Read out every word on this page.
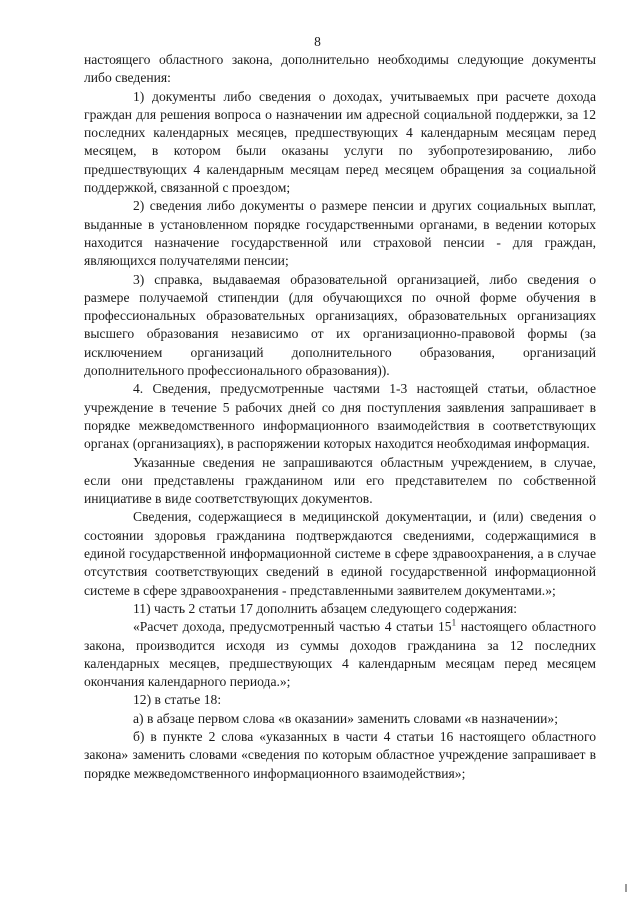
8

настоящего областного закона, дополнительно необходимы следующие документы либо сведения:

1) документы либо сведения о доходах, учитываемых при расчете дохода граждан для решения вопроса о назначении им адресной социальной поддержки, за 12 последних календарных месяцев, предшествующих 4 календарным месяцам перед месяцем, в котором были оказаны услуги по зубопротезированию, либо предшествующих 4 календарным месяцам перед месяцем обращения за социальной поддержкой, связанной с проездом;

2) сведения либо документы о размере пенсии и других социальных выплат, выданные в установленном порядке государственными органами, в ведении которых находится назначение государственной или страховой пенсии - для граждан, являющихся получателями пенсии;

3) справка, выдаваемая образовательной организацией, либо сведения о размере получаемой стипендии (для обучающихся по очной форме обучения в профессиональных образовательных организациях, образовательных организациях высшего образования независимо от их организационно-правовой формы (за исключением организаций дополнительного образования, организаций дополнительного профессионального образования)).

4. Сведения, предусмотренные частями 1-3 настоящей статьи, областное учреждение в течение 5 рабочих дней со дня поступления заявления запрашивает в порядке межведомственного информационного взаимодействия в соответствующих органах (организациях), в распоряжении которых находится необходимая информация.

Указанные сведения не запрашиваются областным учреждением, в случае, если они представлены гражданином или его представителем по собственной инициативе в виде соответствующих документов.

Сведения, содержащиеся в медицинской документации, и (или) сведения о состоянии здоровья гражданина подтверждаются сведениями, содержащимися в единой государственной информационной системе в сфере здравоохранения, а в случае отсутствия соответствующих сведений в единой государственной информационной системе в сфере здравоохранения - представленными заявителем документами.»;

11) часть 2 статьи 17 дополнить абзацем следующего содержания:

«Расчет дохода, предусмотренный частью 4 статьи $15^1$ настоящего областного закона, производится исходя из суммы доходов гражданина за 12 последних календарных месяцев, предшествующих 4 календарным месяцам перед месяцем окончания календарного периода.»;

12) в статье 18:

а) в абзаце первом слова «в оказании» заменить словами «в назначении»;

б) в пункте 2 слова «указанных в части 4 статьи 16 настоящего областного закона» заменить словами «сведения по которым областное учреждение запрашивает в порядке межведомственного информационного взаимодействия»;
